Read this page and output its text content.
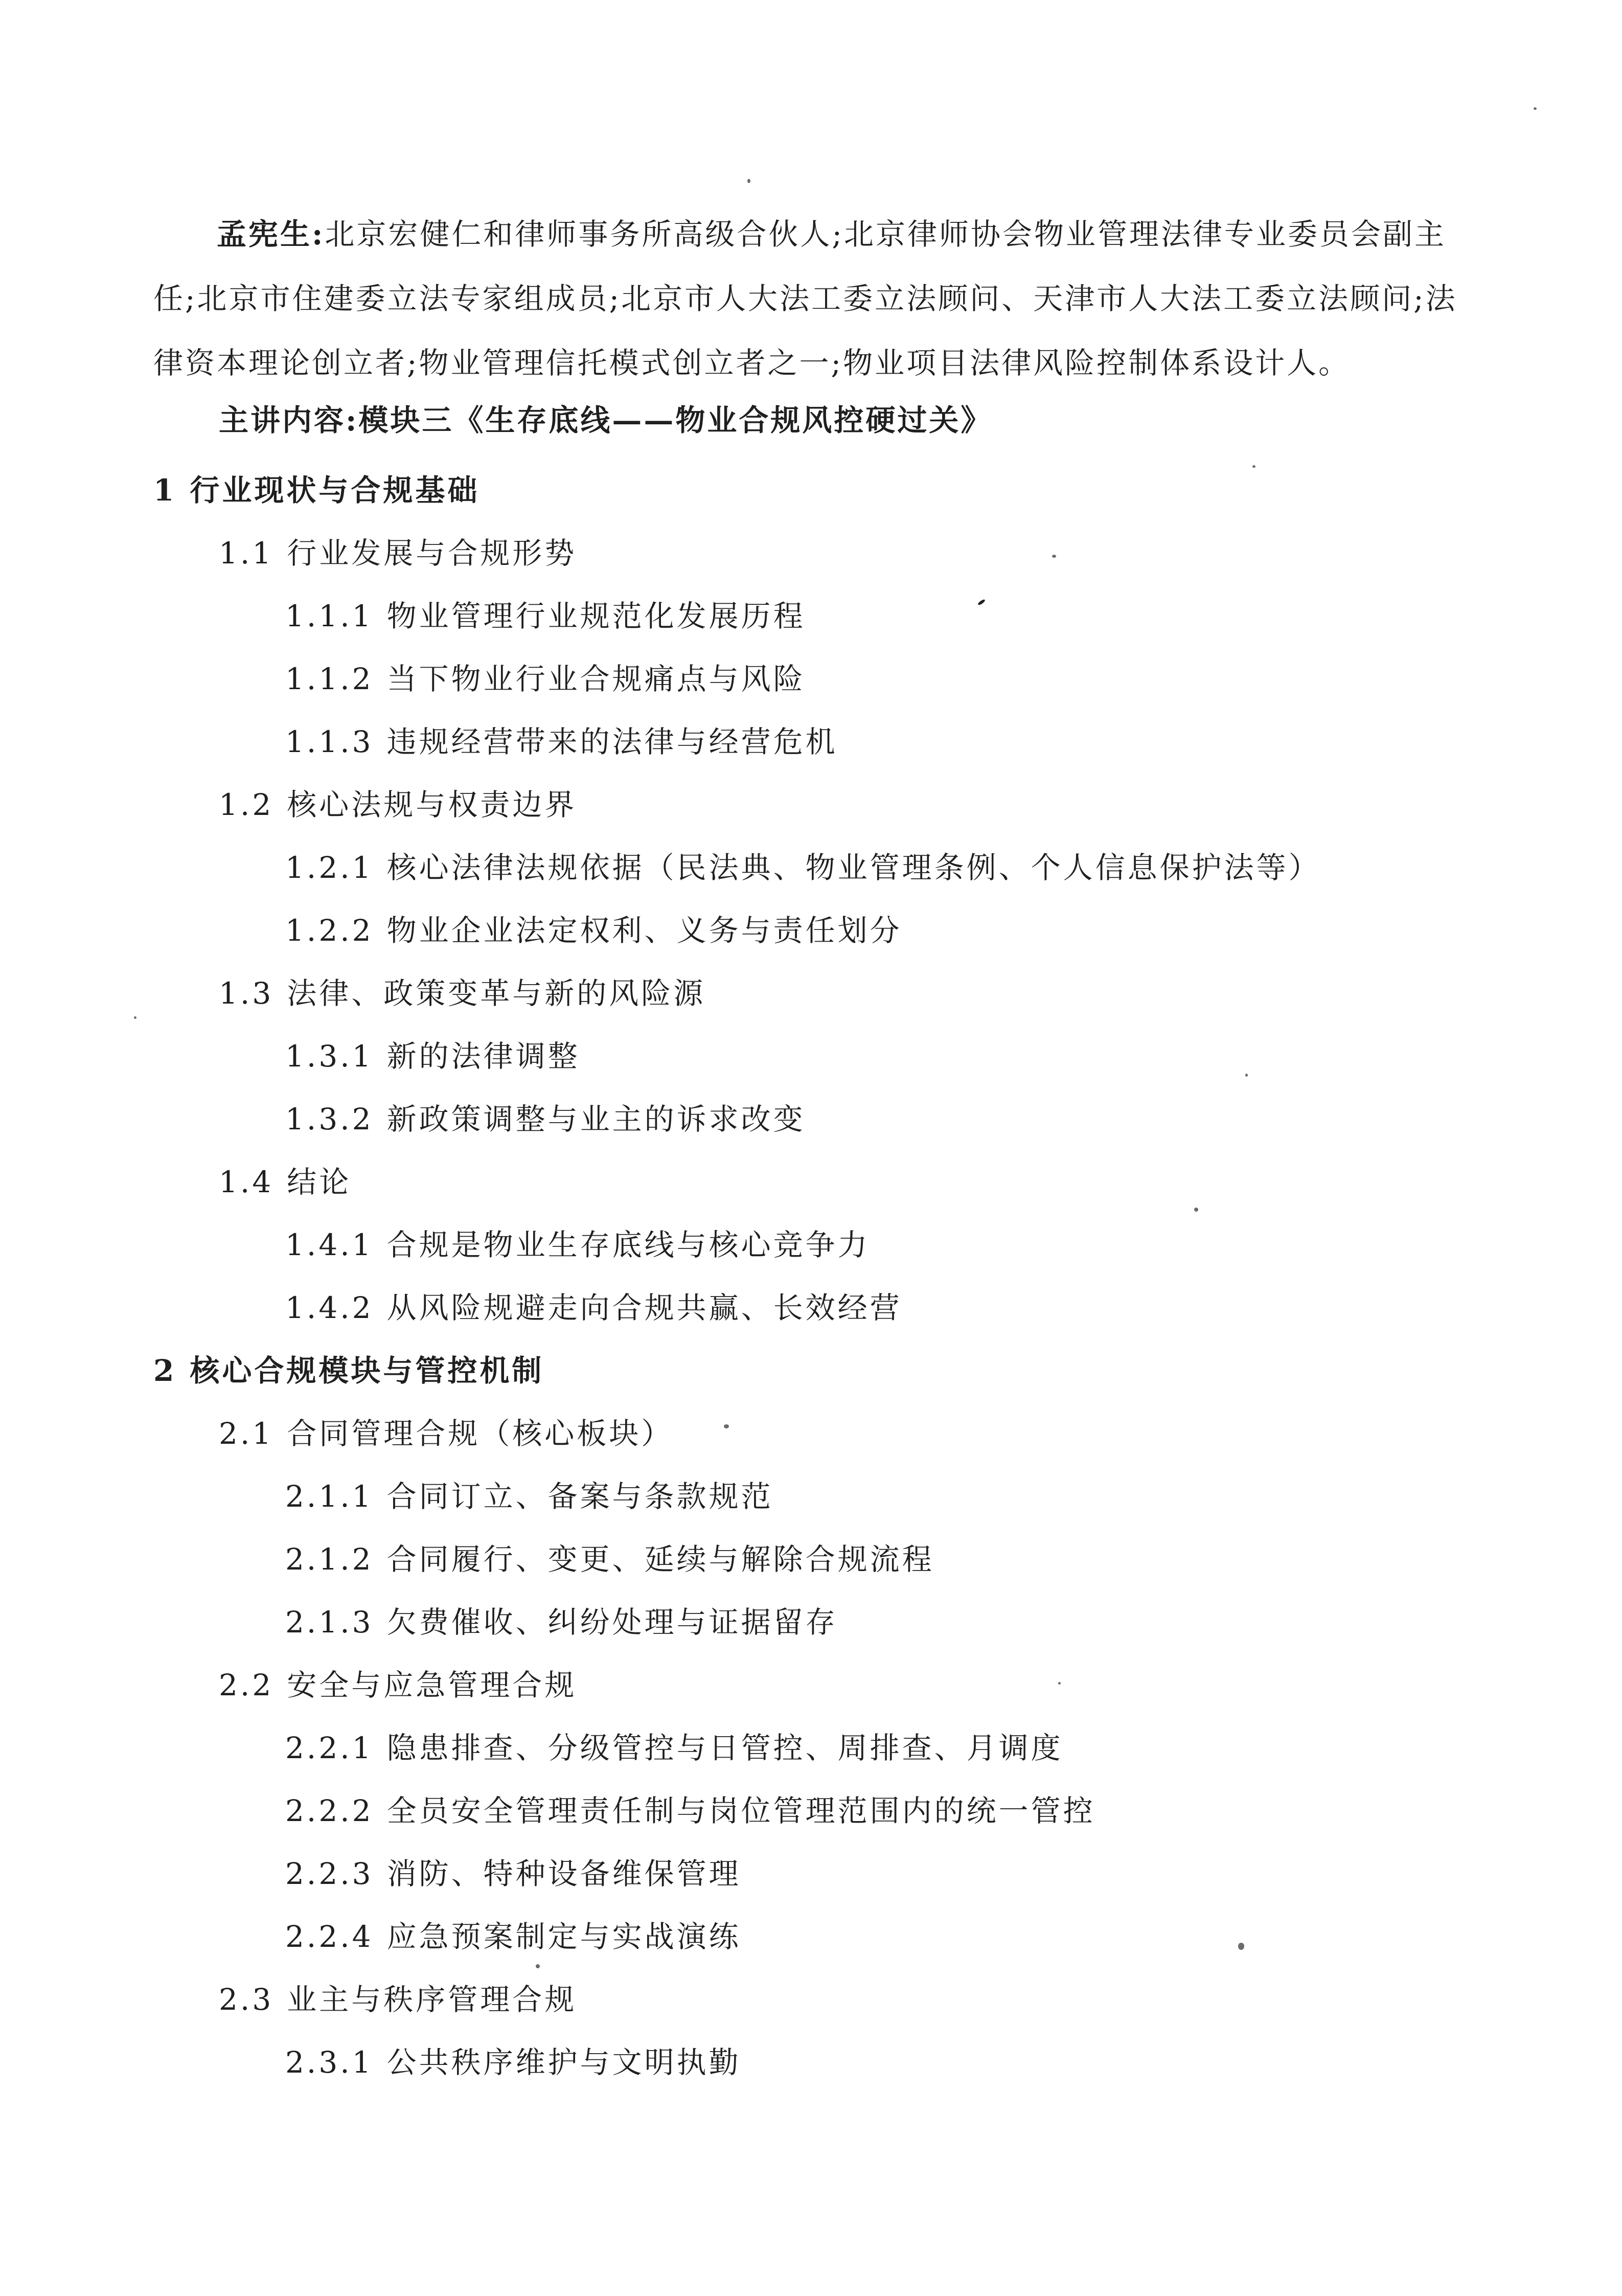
孟宪生:北京宏健仁和律师事务所高级合伙人;北京律师协会物业管理法律专业委员会副主任;北京市住建委立法专家组成员;北京市人大法工委立法顾问、天津市人大法工委立法顾问;法律资本理论创立者;物业管理信托模式创立者之一;物业项目法律风险控制体系设计人。
主讲内容:模块三《生存底线——物业合规风控硬过关》
1 行业现状与合规基础
1.1 行业发展与合规形势
1.1.1 物业管理行业规范化发展历程
1.1.2 当下物业行业合规痛点与风险
1.1.3 违规经营带来的法律与经营危机
1.2 核心法规与权责边界
1.2.1 核心法律法规依据（民法典、物业管理条例、个人信息保护法等）
1.2.2 物业企业法定权利、义务与责任划分
1.3 法律、政策变革与新的风险源
1.3.1 新的法律调整
1.3.2 新政策调整与业主的诉求改变
1.4 结论
1.4.1 合规是物业生存底线与核心竞争力
1.4.2 从风险规避走向合规共赢、长效经营
2 核心合规模块与管控机制
2.1 合同管理合规（核心板块）
2.1.1 合同订立、备案与条款规范
2.1.2 合同履行、变更、延续与解除合规流程
2.1.3 欠费催收、纠纷处理与证据留存
2.2 安全与应急管理合规
2.2.1 隐患排查、分级管控与日管控、周排查、月调度
2.2.2 全员安全管理责任制与岗位管理范围内的统一管控
2.2.3 消防、特种设备维保管理
2.2.4 应急预案制定与实战演练
2.3 业主与秩序管理合规
2.3.1 公共秩序维护与文明执勤
